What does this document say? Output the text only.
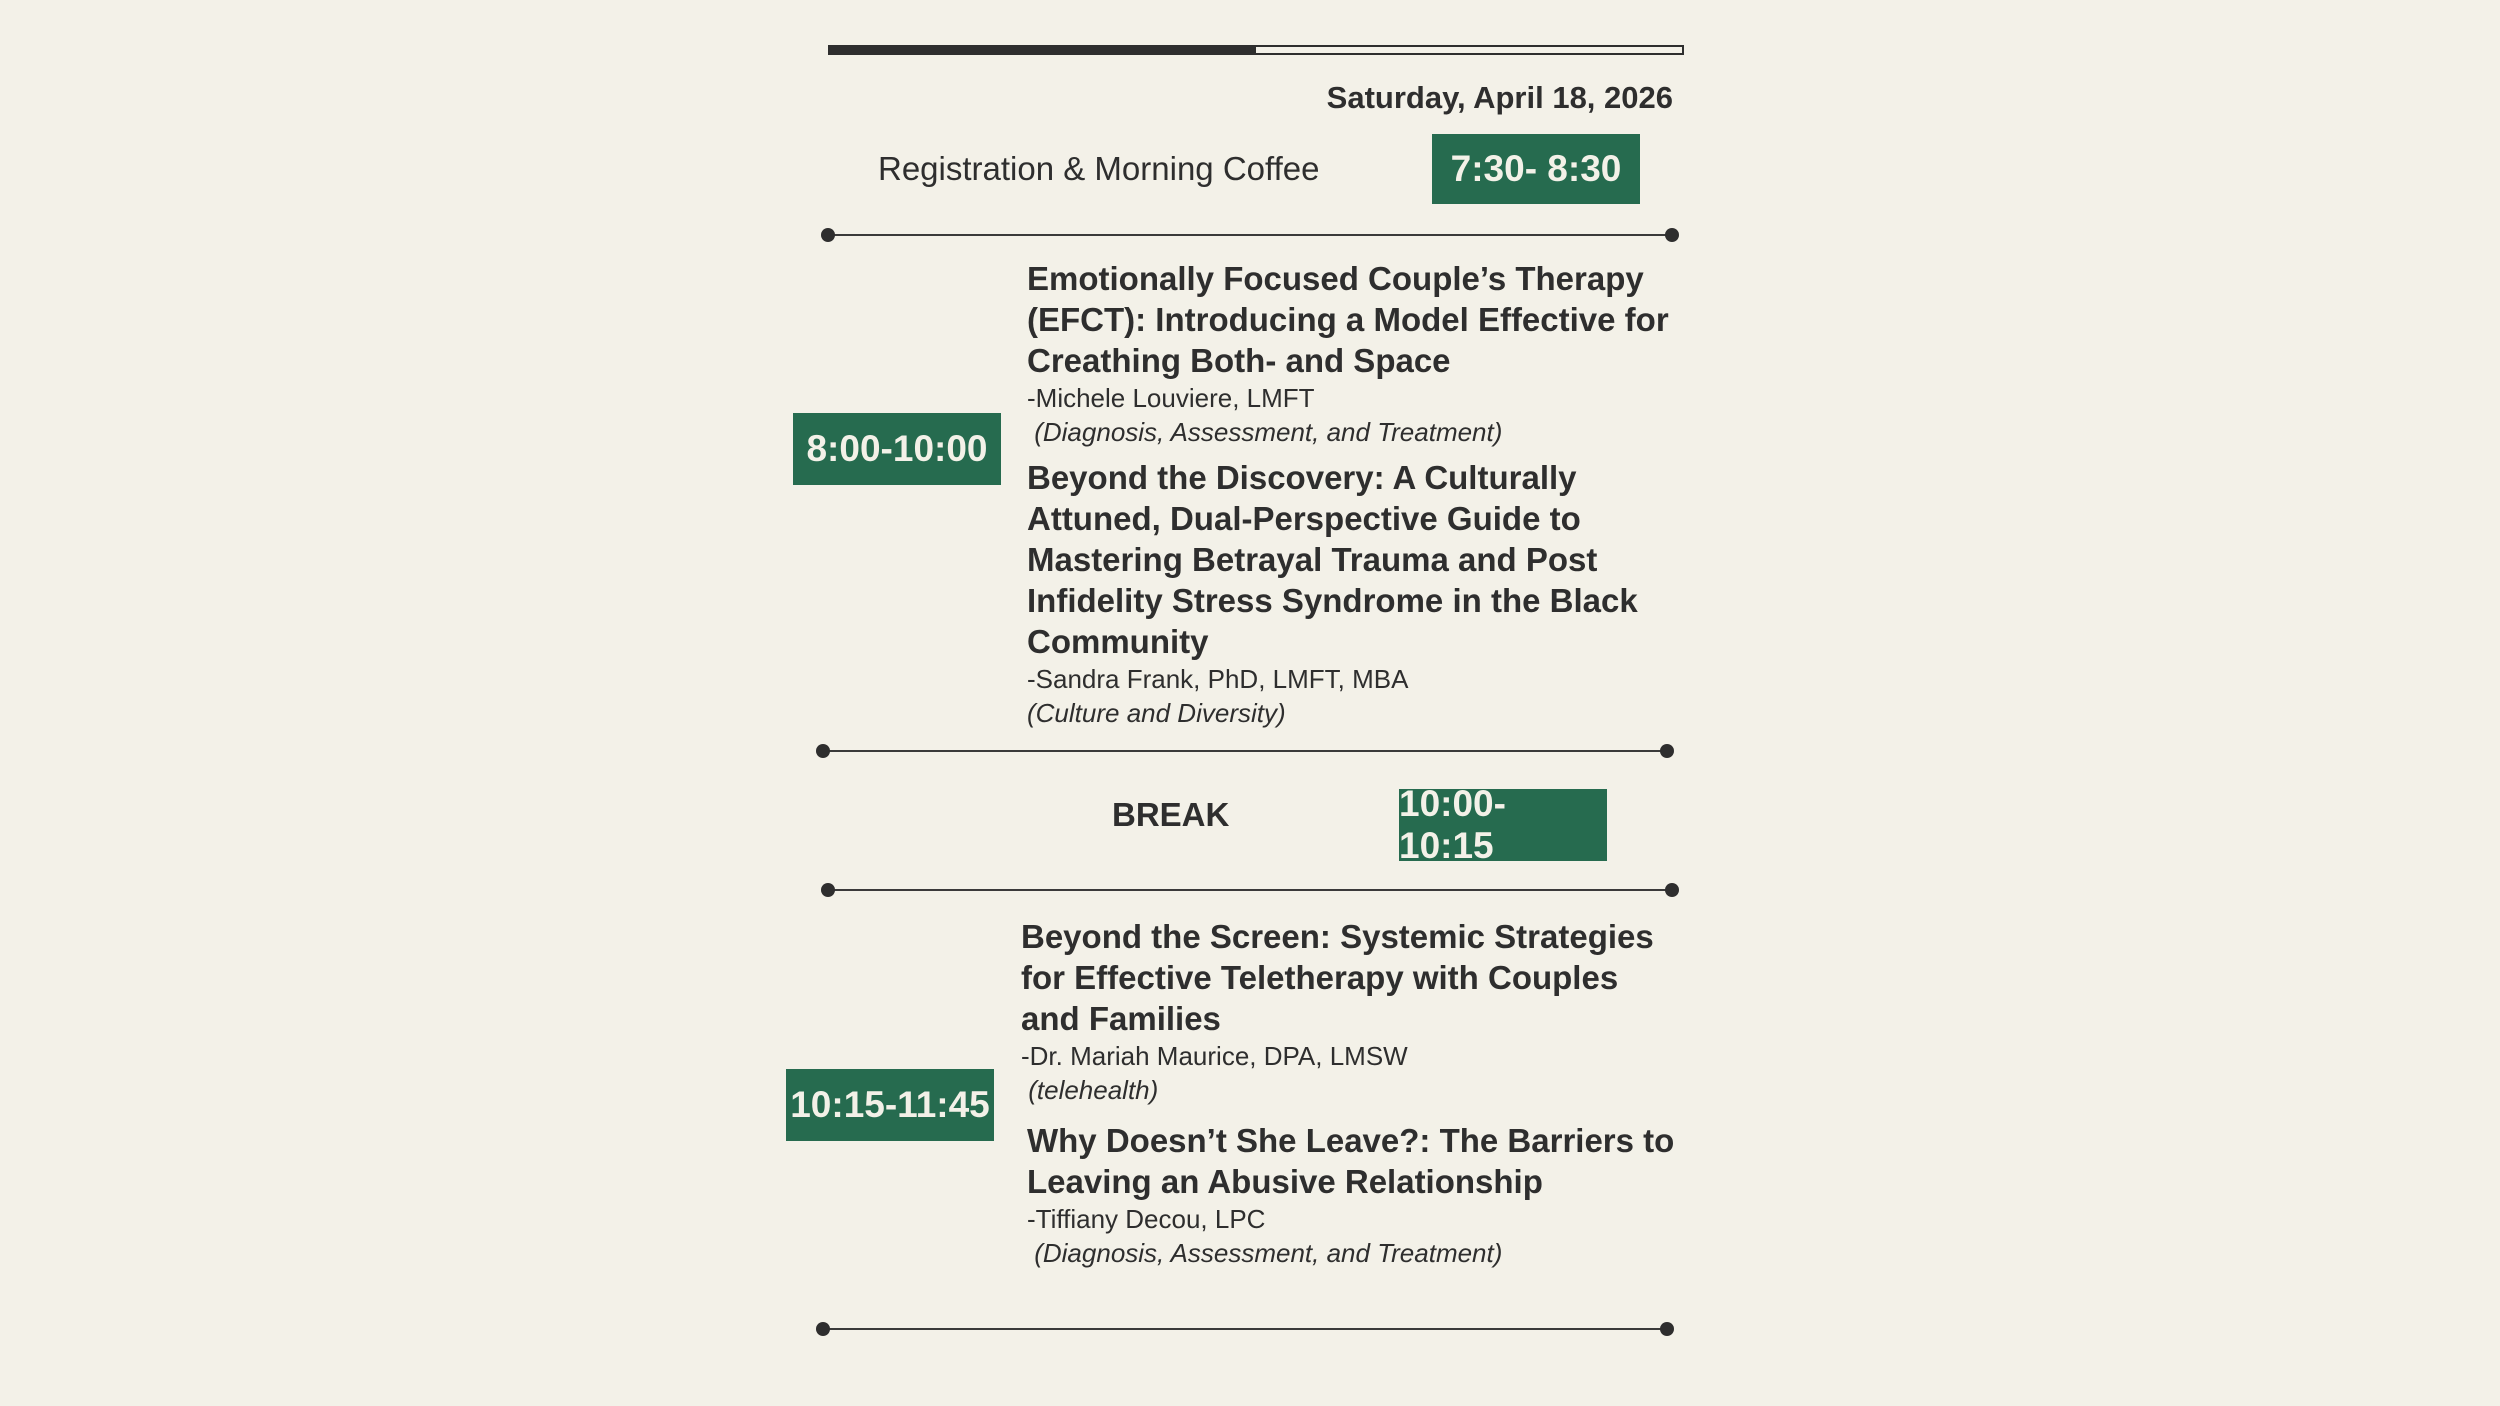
Saturday, April 18, 2026
Registration & Morning Coffee	7:30- 8:30
8:00-10:00
Emotionally Focused Couple’s Therapy (EFCT): Introducing a Model Effective for Creathing Both- and Space
-Michele Louviere, LMFT
(Diagnosis, Assessment, and Treatment)
Beyond the Discovery: A Culturally Attuned, Dual-Perspective Guide to Mastering Betrayal Trauma and Post Infidelity Stress Syndrome in the Black Community
-Sandra Frank, PhD, LMFT, MBA
(Culture and Diversity)
BREAK	10:00- 10:15
10:15-11:45
Beyond the Screen: Systemic Strategies for Effective Teletherapy with Couples and Families
-Dr. Mariah Maurice, DPA, LMSW
(telehealth)
Why Doesn’t She Leave?: The Barriers to Leaving an Abusive Relationship
-Tiffiany Decou, LPC
(Diagnosis, Assessment, and Treatment)
